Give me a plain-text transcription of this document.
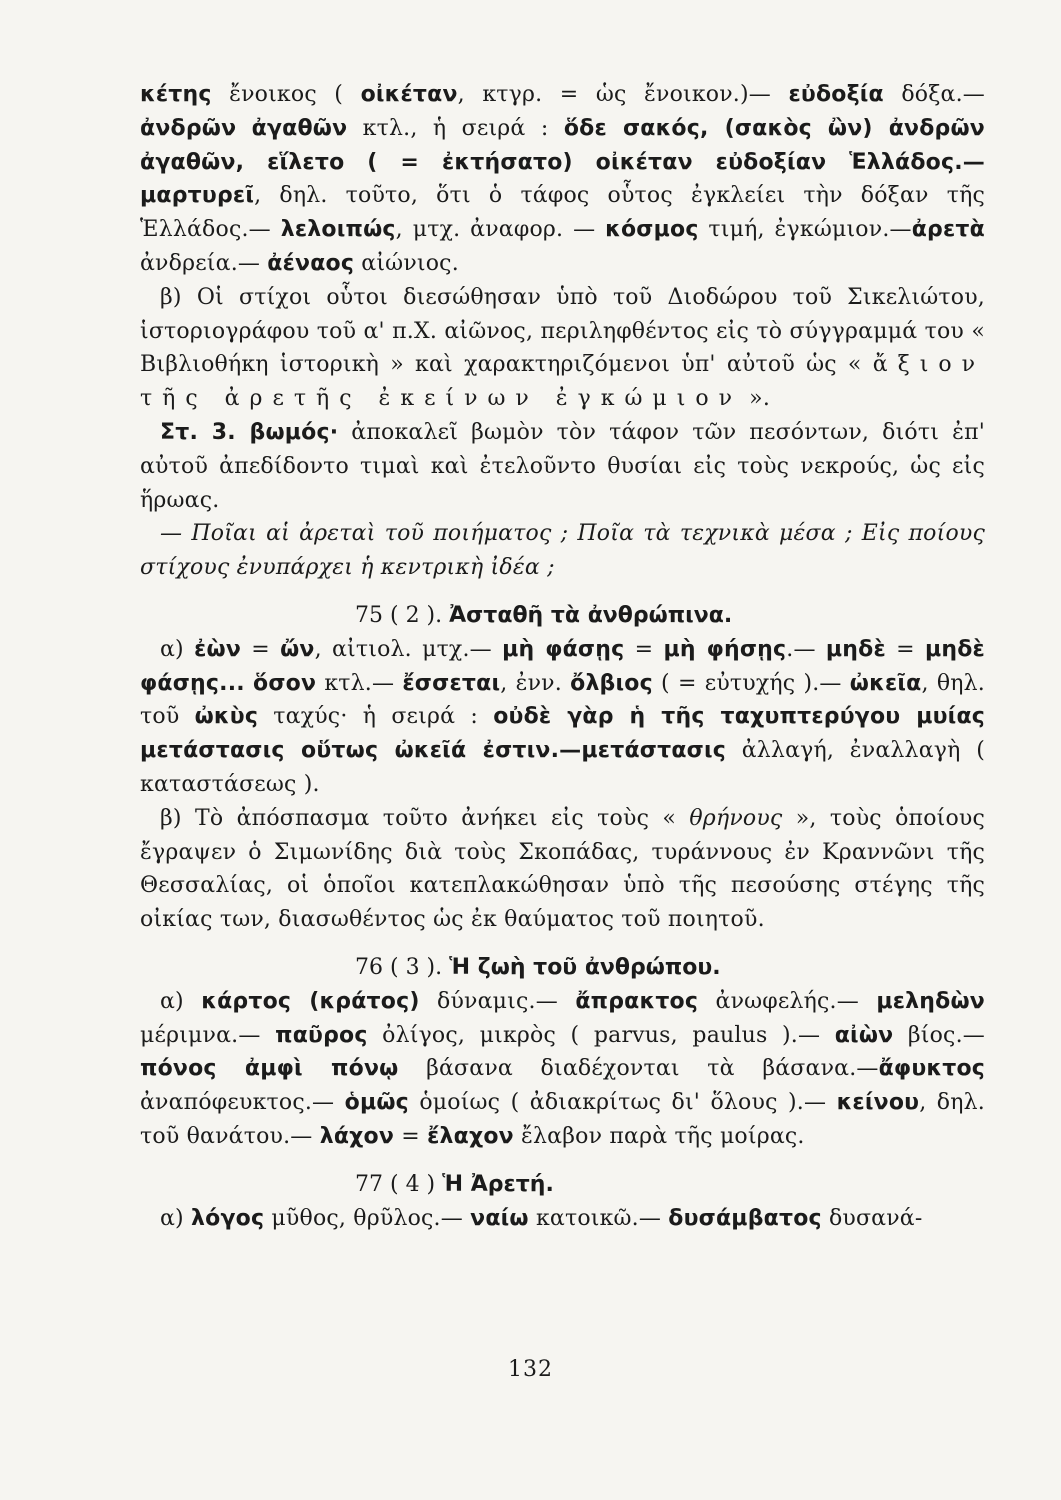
κέτης ἔνοικος ( οἰκέταν, κτγρ. = ὡς ἔνοικον.)— εὐδοξία δόξα.—ἀνδρῶν ἀγαθῶν κτλ., ἡ σειρά : ὅδε σακός, (σακὸς ὢν) ἀνδρῶν ἀγαθῶν, εἵλετο ( = ἐκτήσατο) οἰκέταν εὐδοξίαν Ἑλλάδος.— μαρτυρεῖ, δηλ. τοῦτο, ὅτι ὁ τάφος οὗτος ἐγκλείει τὴν δόξαν τῆς Ἑλλάδος.— λελοιπώς, μτχ. ἀναφορ. — κόσμος τιμή, ἐγκώμιον.—ἀρετὰ ἀνδρεία.— ἀέναος αἰώνιος.

β) Οἱ στίχοι οὗτοι διεσώθησαν ὑπὸ τοῦ Διοδώρου τοῦ Σικελιώτου, ἱστοριογράφου τοῦ α' π.Χ. αἰῶνος, περιληφθέντος εἰς τὸ σύγγραμμά του « Βιβλιοθήκη ἱστορικὴ » καὶ χαρακτηριζόμενοι ὑπ' αὐτοῦ ὡς « ἄξιον τῆς ἀρετῆς ἐκείνων ἐγκώμιον ».

Στ. 3. βωμός· ἀποκαλεῖ βωμὸν τὸν τάφον τῶν πεσόντων, διότι ἐπ' αὐτοῦ ἀπεδίδοντο τιμαὶ καὶ ἐτελοῦντο θυσίαι εἰς τοὺς νεκρούς, ὡς εἰς ἥρωας.

— Ποῖαι αἱ ἀρεταὶ τοῦ ποιήματος ; Ποῖα τὰ τεχνικὰ μέσα ; Εἰς ποίους στίχους ἐνυπάρχει ἡ κεντρικὴ ἰδέα ;

75 ( 2 ). Ἀσταθῆ τὰ ἀνθρώπινα.

α) ἐὼν = ὤν, αἰτιολ. μτχ.— μὴ φάσῃς = μὴ φήσῃς.— μηδὲ = μηδὲ φάσῃς... ὅσον κτλ.— ἔσσεται, ἐνν. ὄλβιος ( = εὐτυχής ).— ὠκεῖα, θηλ. τοῦ ὠκὺς ταχύς· ἡ σειρά : οὐδὲ γὰρ ἡ τῆς ταχυπτερύγου μυίας μετάστασις οὕτως ὠκεῖά ἐστιν.—μετάστασις ἀλλαγή, ἐναλλαγὴ ( καταστάσεως ).

β) Τὸ ἀπόσπασμα τοῦτο ἀνήκει εἰς τοὺς « θρήνους », τοὺς ὁποίους ἔγραψεν ὁ Σιμωνίδης διὰ τοὺς Σκοπάδας, τυράννους ἐν Κραννῶνι τῆς Θεσσαλίας, οἱ ὁποῖοι κατεπλακώθησαν ὑπὸ τῆς πεσούσης στέγης τῆς οἰκίας των, διασωθέντος ὡς ἐκ θαύματος τοῦ ποιητοῦ.

76 ( 3 ). Ἡ ζωὴ τοῦ ἀνθρώπου.

α) κάρτος (κράτος) δύναμις.— ἄπρακτος ἀνωφελής.— μεληδὼν μέριμνα.— παῦρος ὀλίγος, μικρὸς ( parvus, paulus ).— αἰὼν βίος.— πόνος ἀμφὶ πόνῳ βάσανα διαδέχονται τὰ βάσανα.—ἄφυκτος ἀναπόφευκτος.— ὁμῶς ὁμοίως ( ἀδιακρίτως δι' ὅλους ).— κείνου, δηλ. τοῦ θανάτου.— λάχον = ἔλαχον ἔλαβον παρὰ τῆς μοίρας.

77 ( 4 ) Ἡ Ἀρετή.

α) λόγος μῦθος, θρῦλος.— ναίω κατοικῶ.— δυσάμβατος δυσανά-

132
